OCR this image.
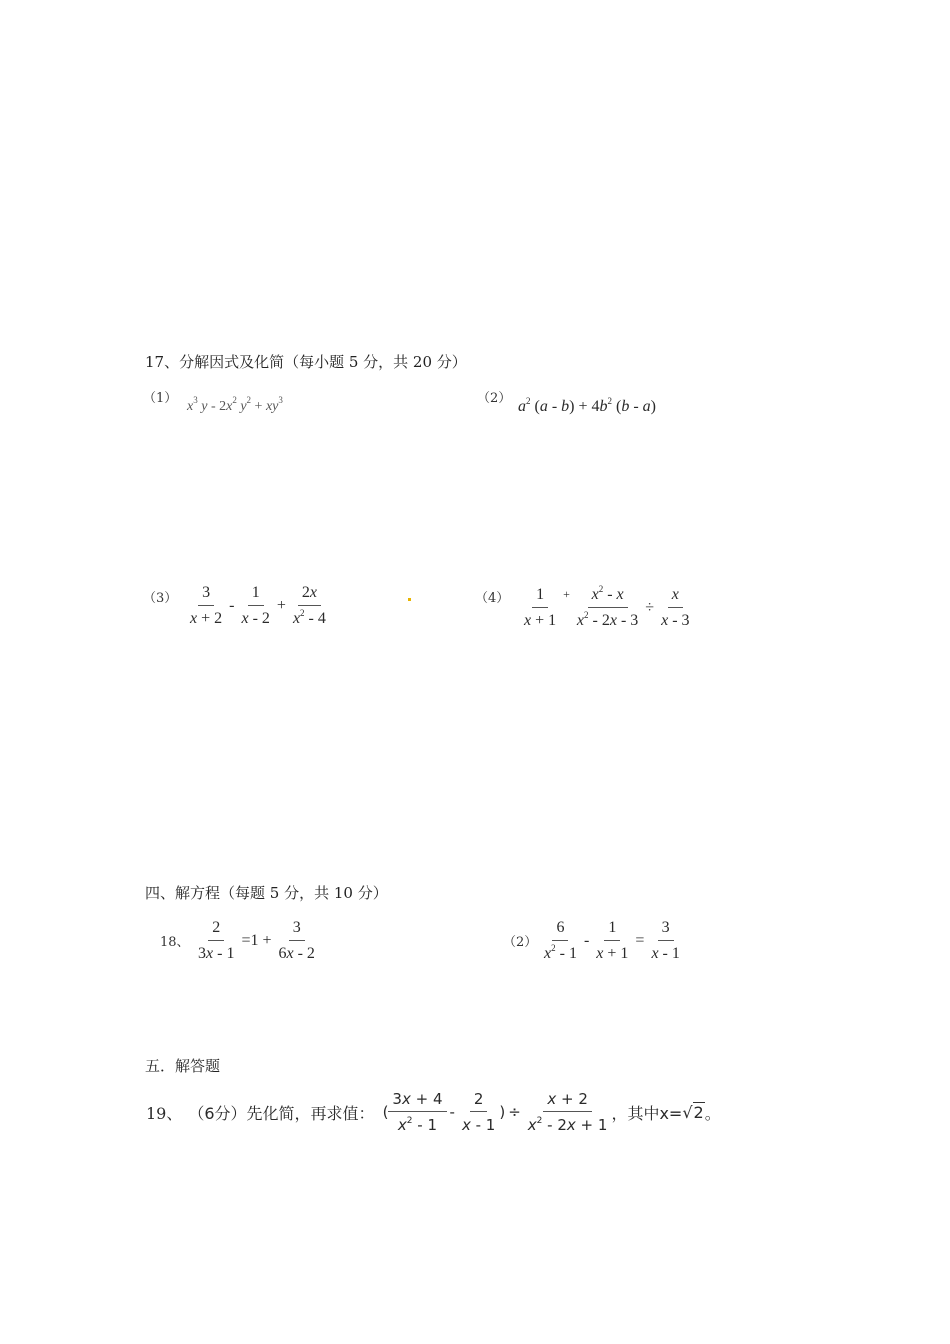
17、分解因式及化简（每小题 5 分，共 20 分）
（1）
$x^3$ y - $2x^2$ $y^2 + xy^3$	（2） $a^2$ $(a - b) + 4b^2$ (b - a)
$(3) \frac{3}{x + 2} - \frac{1}{x - 2} + \frac{2x}{x^2 - 4}$	$(4) \frac{1}{x + 1} + \frac{x^2 - x}{x^2 - 2x - 3} \div \frac{x}{x - 3}$
四、解方程（每题 5 分，共 10 分）
18、 $\frac{2}{3x - 1} =1 + \frac{3}{6x - 2}$	$(2) \frac{6}{x^2 - 1} - \frac{1}{x + 1} = \frac{3}{x - 1}$
五．解答题
19、 （6分）先化简，再求值： ( $\frac{3x + 4}{x^2 - 1} - \frac{2}{x - 1}$ ) ÷ $\frac{x + 2}{x^2 - 2x + 1}$ ，其中x= √2 。
